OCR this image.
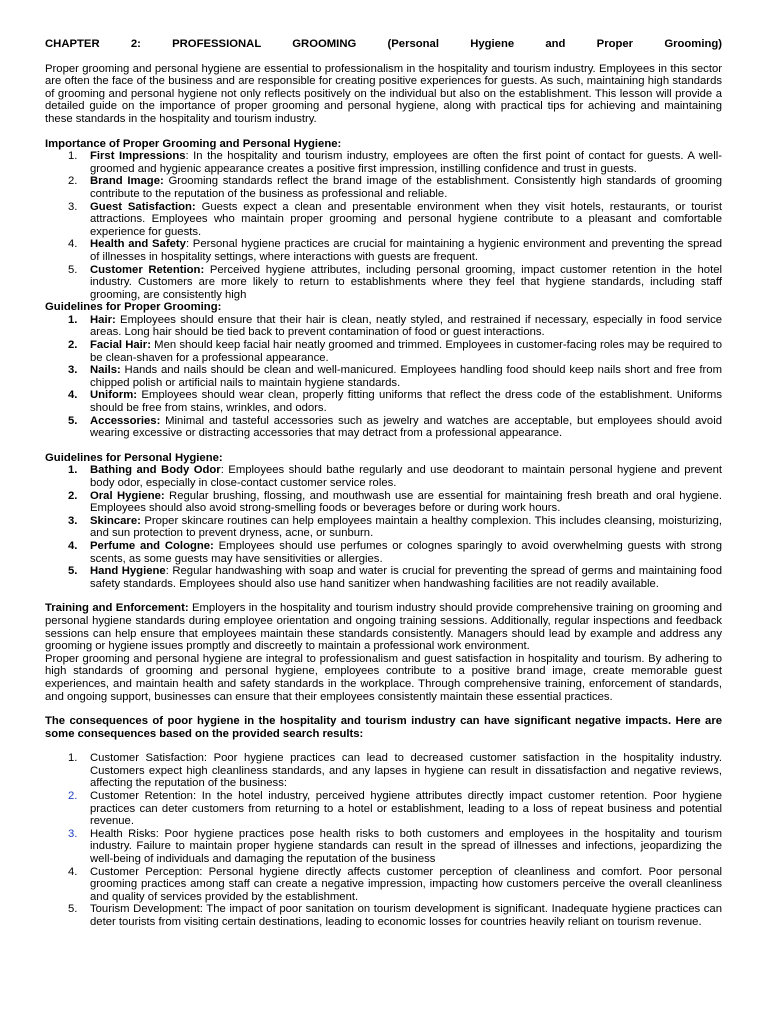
CHAPTER	2:	PROFESSIONAL	GROOMING	(Personal	Hygiene	and	Proper	Grooming)

Proper grooming and personal hygiene are essential to professionalism in the hospitality and tourism industry. Employees in this sector are often the face of the business and are responsible for creating positive experiences for guests. As such, maintaining high standards of grooming and personal hygiene not only reflects positively on the individual but also on the establishment. This lesson will provide a detailed guide on the importance of proper grooming and personal hygiene, along with practical tips for achieving and maintaining these standards in the hospitality and tourism industry.

Importance of Proper Grooming and Personal Hygiene:

1. First Impressions: In the hospitality and tourism industry, employees are often the first point of contact for guests. A well-groomed and hygienic appearance creates a positive first impression, instilling confidence and trust in guests.
2. Brand Image: Grooming standards reflect the brand image of the establishment. Consistently high standards of grooming contribute to the reputation of the business as professional and reliable.
3. Guest Satisfaction: Guests expect a clean and presentable environment when they visit hotels, restaurants, or tourist attractions. Employees who maintain proper grooming and personal hygiene contribute to a pleasant and comfortable experience for guests.
4. Health and Safety: Personal hygiene practices are crucial for maintaining a hygienic environment and preventing the spread of illnesses in hospitality settings, where interactions with guests are frequent.
5. Customer Retention: Perceived hygiene attributes, including personal grooming, impact customer retention in the hotel industry. Customers are more likely to return to establishments where they feel that hygiene standards, including staff grooming, are consistently high

Guidelines for Proper Grooming:

1. Hair: Employees should ensure that their hair is clean, neatly styled, and restrained if necessary, especially in food service areas. Long hair should be tied back to prevent contamination of food or guest interactions.
2. Facial Hair: Men should keep facial hair neatly groomed and trimmed. Employees in customer-facing roles may be required to be clean-shaven for a professional appearance.
3. Nails: Hands and nails should be clean and well-manicured. Employees handling food should keep nails short and free from chipped polish or artificial nails to maintain hygiene standards.
4. Uniform: Employees should wear clean, properly fitting uniforms that reflect the dress code of the establishment. Uniforms should be free from stains, wrinkles, and odors.
5. Accessories: Minimal and tasteful accessories such as jewelry and watches are acceptable, but employees should avoid wearing excessive or distracting accessories that may detract from a professional appearance.

Guidelines for Personal Hygiene:

1. Bathing and Body Odor: Employees should bathe regularly and use deodorant to maintain personal hygiene and prevent body odor, especially in close-contact customer service roles.
2. Oral Hygiene: Regular brushing, flossing, and mouthwash use are essential for maintaining fresh breath and oral hygiene. Employees should also avoid strong-smelling foods or beverages before or during work hours.
3. Skincare: Proper skincare routines can help employees maintain a healthy complexion. This includes cleansing, moisturizing, and sun protection to prevent dryness, acne, or sunburn.
4. Perfume and Cologne: Employees should use perfumes or colognes sparingly to avoid overwhelming guests with strong scents, as some guests may have sensitivities or allergies.
5. Hand Hygiene: Regular handwashing with soap and water is crucial for preventing the spread of germs and maintaining food safety standards. Employees should also use hand sanitizer when handwashing facilities are not readily available.

Training and Enforcement: Employers in the hospitality and tourism industry should provide comprehensive training on grooming and personal hygiene standards during employee orientation and ongoing training sessions. Additionally, regular inspections and feedback sessions can help ensure that employees maintain these standards consistently. Managers should lead by example and address any grooming or hygiene issues promptly and discreetly to maintain a professional work environment.

Proper grooming and personal hygiene are integral to professionalism and guest satisfaction in hospitality and tourism. By adhering to high standards of grooming and personal hygiene, employees contribute to a positive brand image, create memorable guest experiences, and maintain health and safety standards in the workplace. Through comprehensive training, enforcement of standards, and ongoing support, businesses can ensure that their employees consistently maintain these essential practices.

The consequences of poor hygiene in the hospitality and tourism industry can have significant negative impacts. Here are some consequences based on the provided search results:

1. Customer Satisfaction: Poor hygiene practices can lead to decreased customer satisfaction in the hospitality industry. Customers expect high cleanliness standards, and any lapses in hygiene can result in dissatisfaction and negative reviews, affecting the reputation of the business:
2. Customer Retention: In the hotel industry, perceived hygiene attributes directly impact customer retention. Poor hygiene practices can deter customers from returning to a hotel or establishment, leading to a loss of repeat business and potential revenue.
3. Health Risks: Poor hygiene practices pose health risks to both customers and employees in the hospitality and tourism industry. Failure to maintain proper hygiene standards can result in the spread of illnesses and infections, jeopardizing the well-being of individuals and damaging the reputation of the business
4. Customer Perception: Personal hygiene directly affects customer perception of cleanliness and comfort. Poor personal grooming practices among staff can create a negative impression, impacting how customers perceive the overall cleanliness and quality of services provided by the establishment.
5. Tourism Development: The impact of poor sanitation on tourism development is significant. Inadequate hygiene practices can deter tourists from visiting certain destinations, leading to economic losses for countries heavily reliant on tourism revenue.
